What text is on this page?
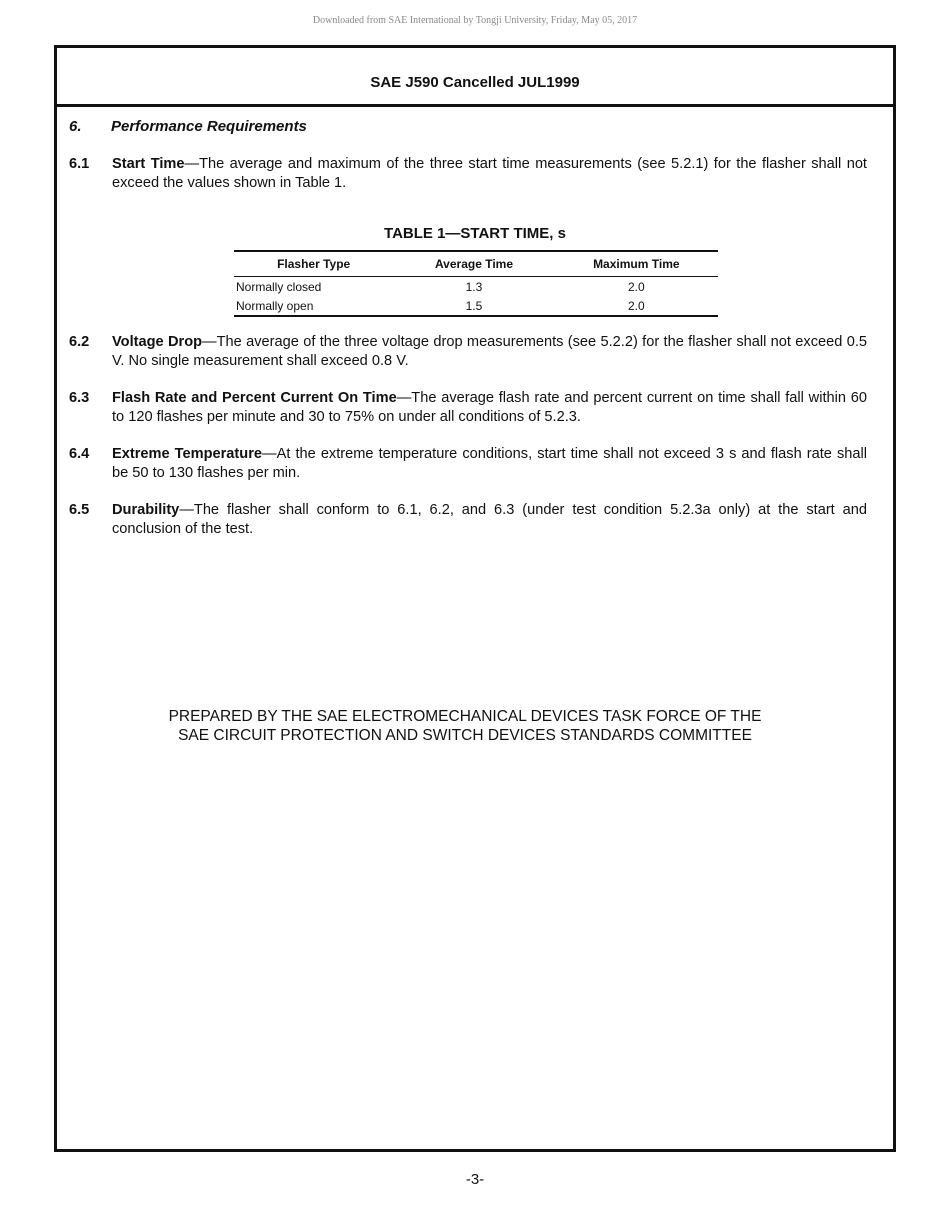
Downloaded from SAE International by Tongji University, Friday, May 05, 2017
SAE J590 Cancelled JUL1999
6. Performance Requirements
6.1 Start Time—The average and maximum of the three start time measurements (see 5.2.1) for the flasher shall not exceed the values shown in Table 1.
TABLE 1—START TIME, s
Flasher Type	Average Time	Maximum Time
Normally closed	1.3	2.0
Normally open	1.5	2.0
6.2 Voltage Drop—The average of the three voltage drop measurements (see 5.2.2) for the flasher shall not exceed 0.5 V. No single measurement shall exceed 0.8 V.
6.3 Flash Rate and Percent Current On Time—The average flash rate and percent current on time shall fall within 60 to 120 flashes per minute and 30 to 75% on under all conditions of 5.2.3.
6.4 Extreme Temperature—At the extreme temperature conditions, start time shall not exceed 3 s and flash rate shall be 50 to 130 flashes per min.
6.5 Durability—The flasher shall conform to 6.1, 6.2, and 6.3 (under test condition 5.2.3a only) at the start and conclusion of the test.
PREPARED BY THE SAE ELECTROMECHANICAL DEVICES TASK FORCE OF THE
SAE CIRCUIT PROTECTION AND SWITCH DEVICES STANDARDS COMMITTEE
-3-
